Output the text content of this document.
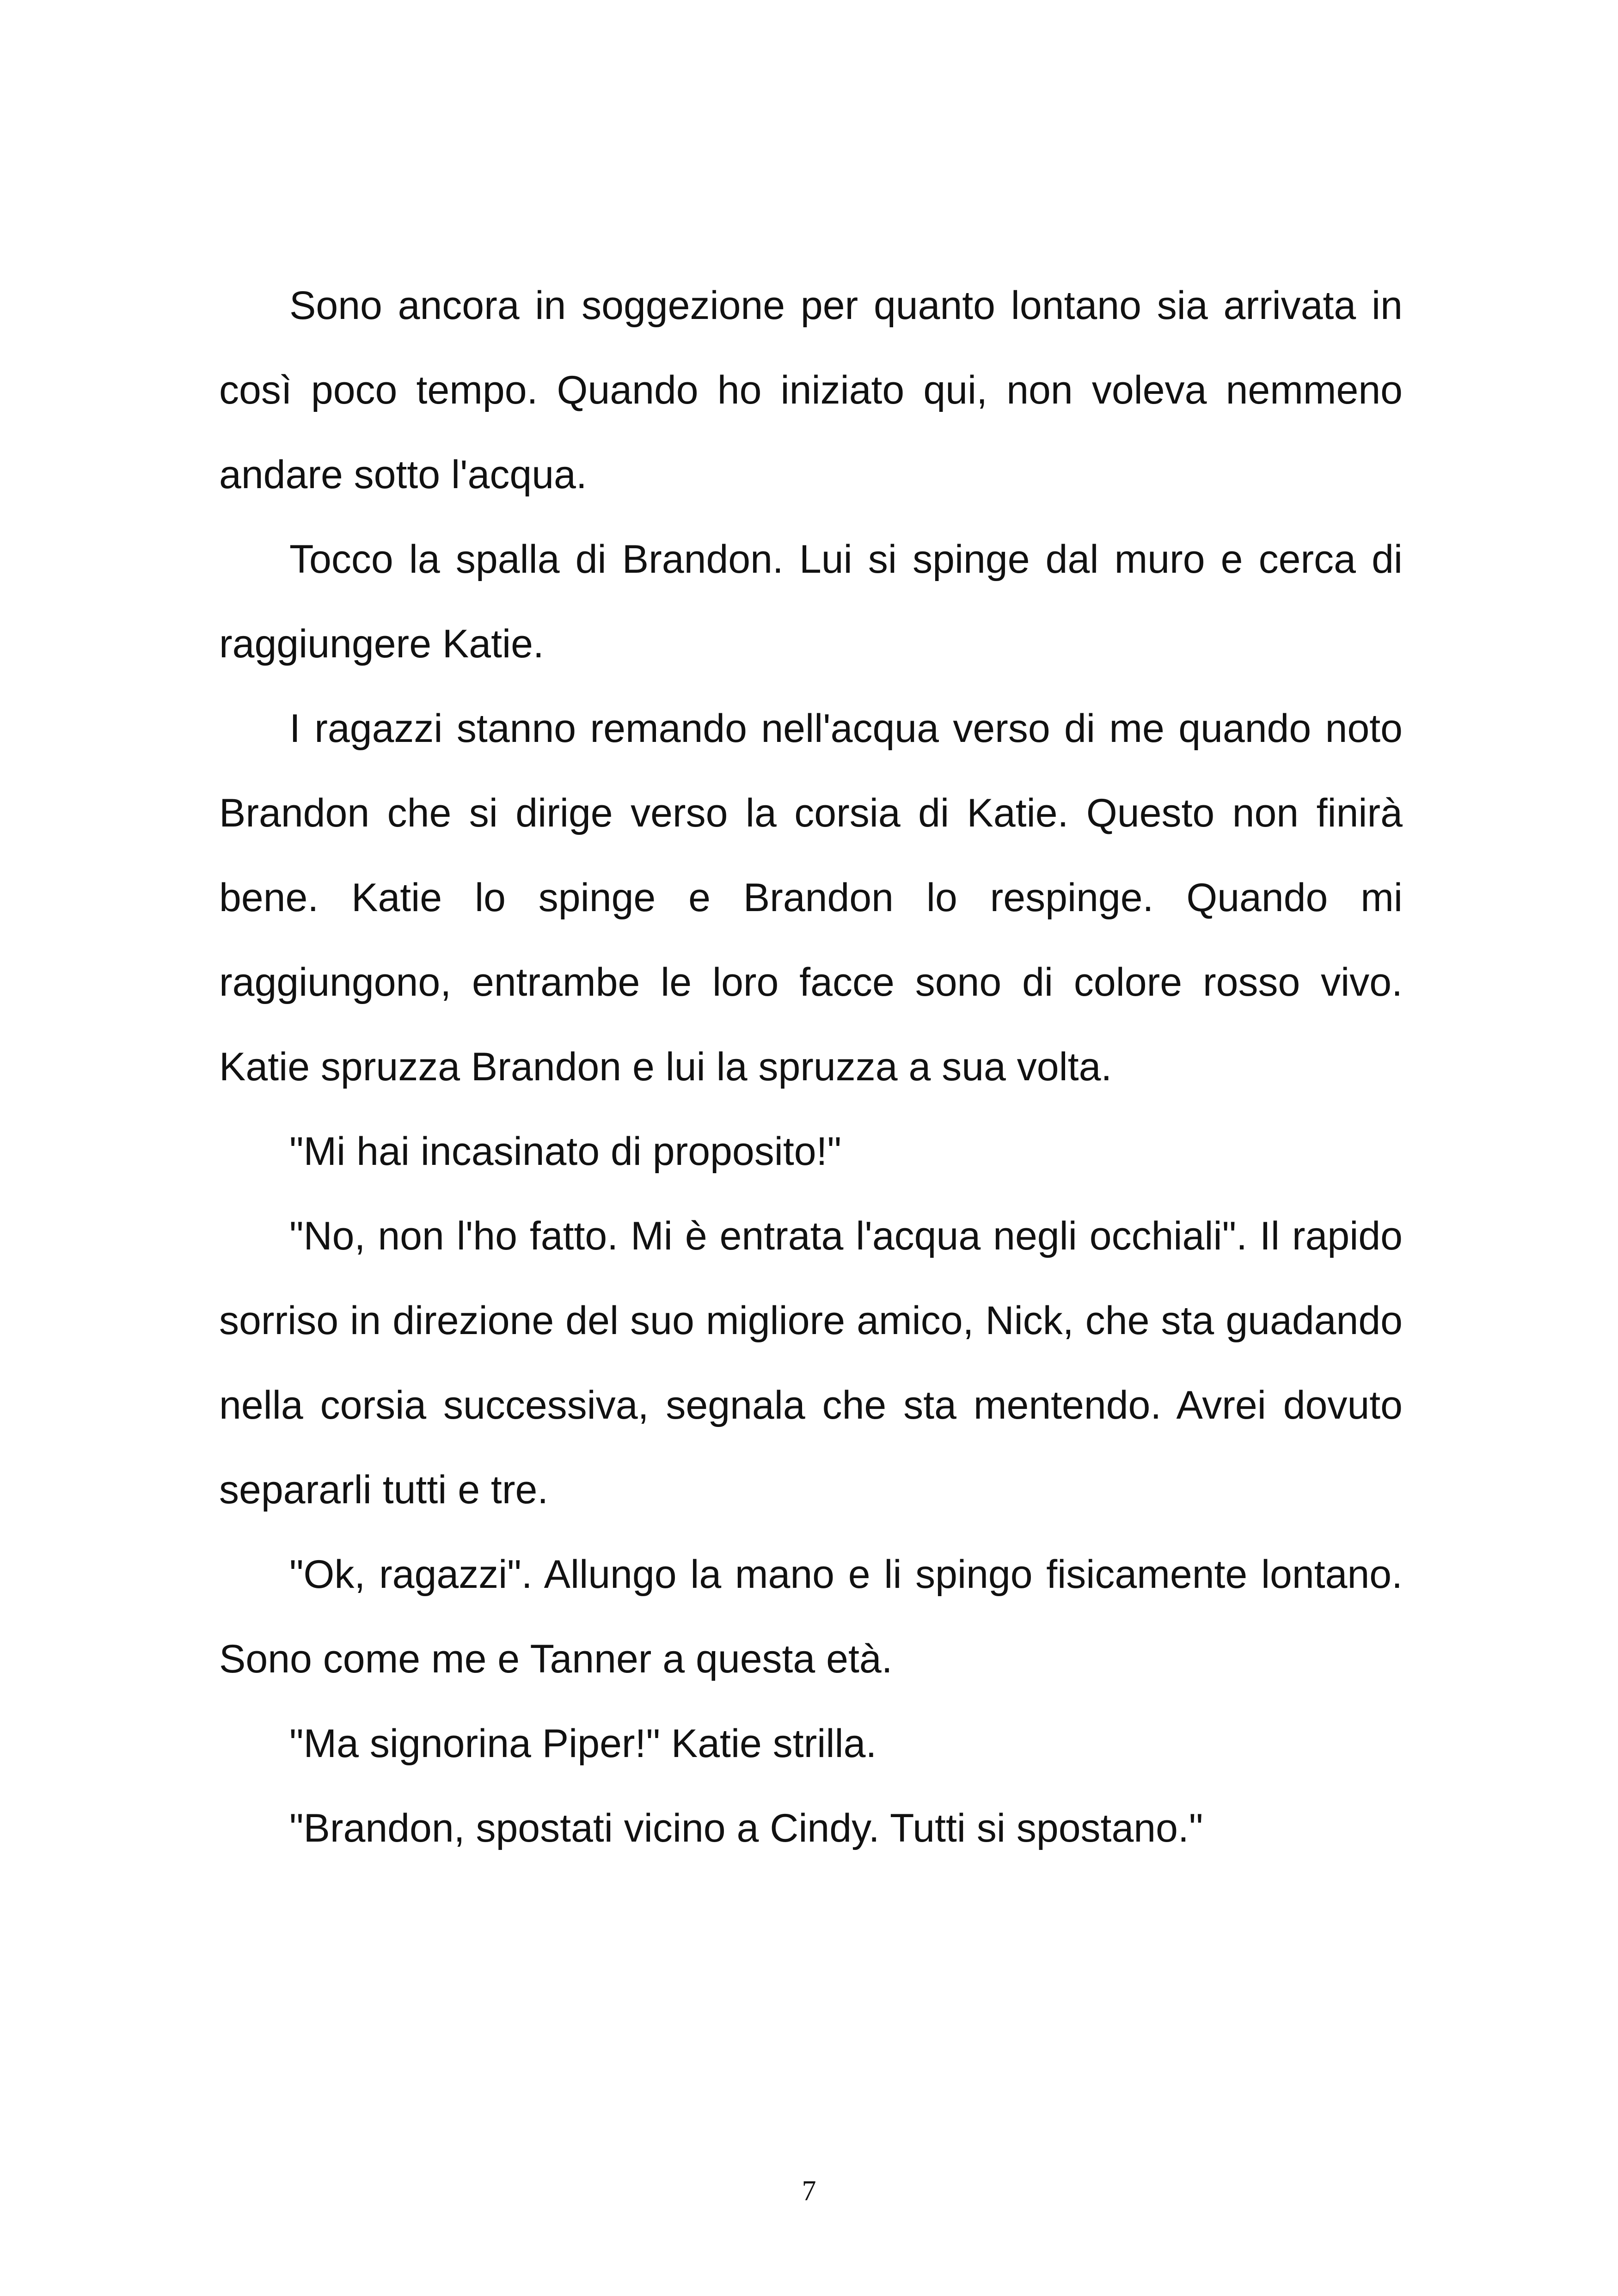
Sono ancora in soggezione per quanto lontano sia arrivata in così poco tempo. Quando ho iniziato qui, non voleva nemmeno andare sotto l'acqua.

Tocco la spalla di Brandon. Lui si spinge dal muro e cerca di raggiungere Katie.

I ragazzi stanno remando nell'acqua verso di me quando noto Brandon che si dirige verso la corsia di Katie. Questo non finirà bene. Katie lo spinge e Brandon lo respinge. Quando mi raggiungono, entrambe le loro facce sono di colore rosso vivo. Katie spruzza Brandon e lui la spruzza a sua volta.

"Mi hai incasinato di proposito!"

"No, non l'ho fatto. Mi è entrata l'acqua negli occhiali". Il rapido sorriso in direzione del suo migliore amico, Nick, che sta guadando nella corsia successiva, segnala che sta mentendo. Avrei dovuto separarli tutti e tre.

"Ok, ragazzi". Allungo la mano e li spingo fisicamente lontano. Sono come me e Tanner a questa età.

"Ma signorina Piper!" Katie strilla.

"Brandon, spostati vicino a Cindy. Tutti si spostano."

7
